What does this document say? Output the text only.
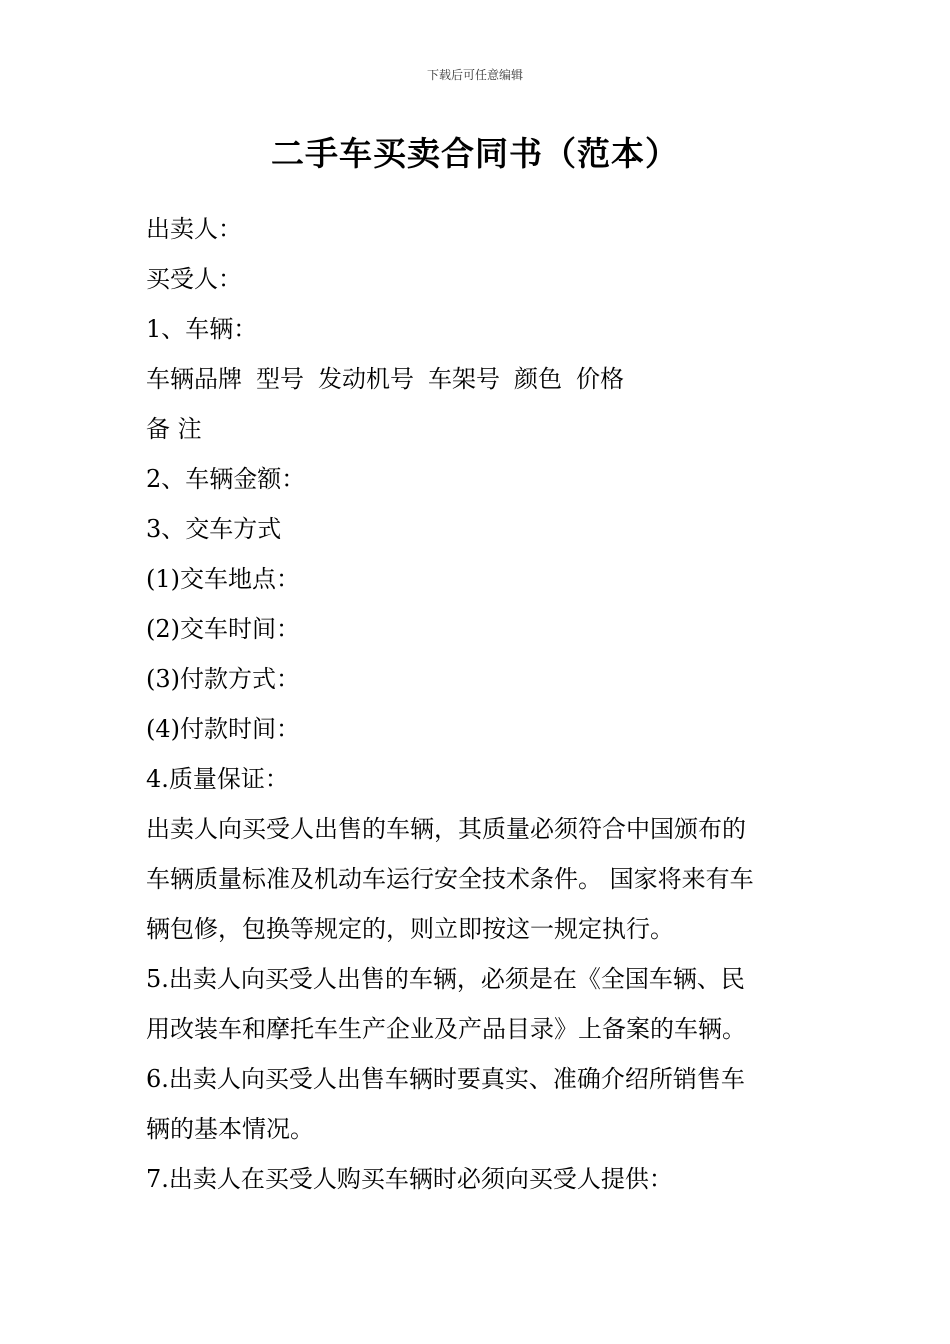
下载后可任意编辑
二手车买卖合同书（范本）
出卖人：
买受人：
1、车辆：
车辆品牌 型号 发动机号 车架号 颜色 价格
备 注
2、车辆金额：
3、交车方式
(1)交车地点：
(2)交车时间：
(3)付款方式：
(4)付款时间：
4.质量保证：
出卖人向买受人出售的车辆，其质量必须符合中国颁布的
车辆质量标准及机动车运行安全技术条件。 国家将来有车
辆包修，包换等规定的，则立即按这一规定执行。
5.出卖人向买受人出售的车辆，必须是在《全国车辆、民
用改装车和摩托车生产企业及产品目录》上备案的车辆。
6.出卖人向买受人出售车辆时要真实、准确介绍所销售车
辆的基本情况。
7.出卖人在买受人购买车辆时必须向买受人提供：
